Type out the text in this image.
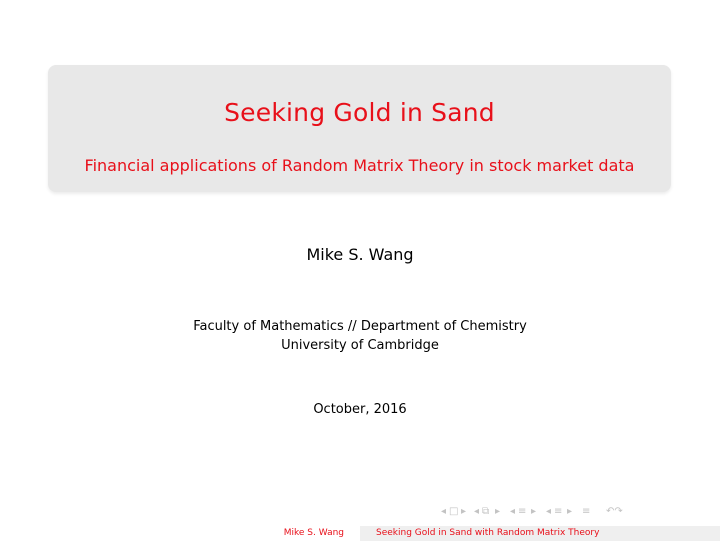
Seeking Gold in Sand
Financial applications of Random Matrix Theory in stock market data
Mike S. Wang
Faculty of Mathematics // Department of Chemistry
University of Cambridge
October, 2016
◂ □ ▸ ◂ ⧉ ▸ ◂ ≡ ▸ ◂ ≡ ▸ ≡ ↶↷
Mike S. Wang	Seeking Gold in Sand with Random Matrix Theory
